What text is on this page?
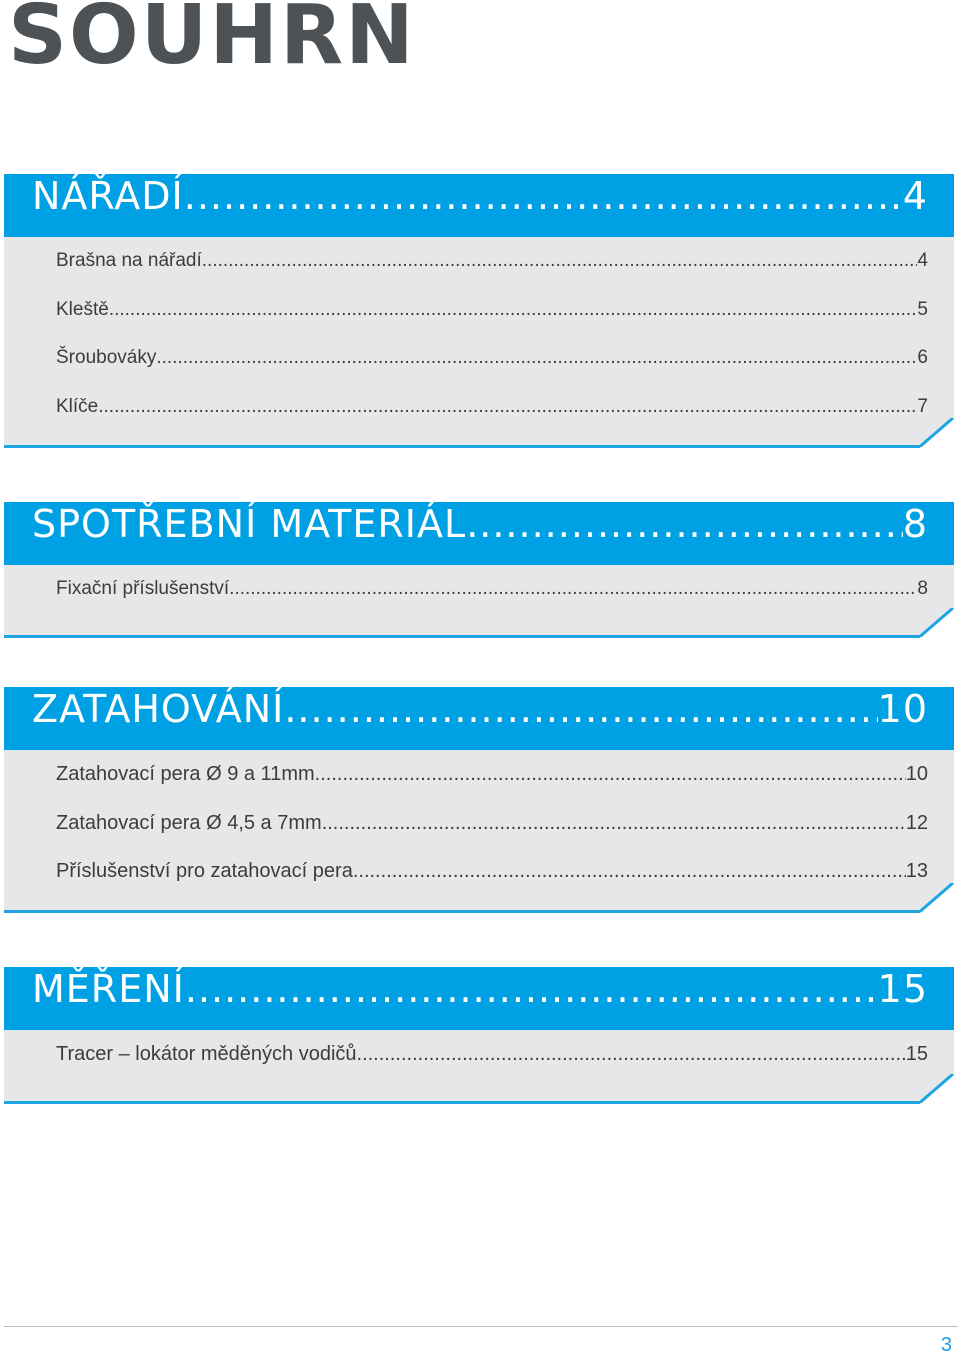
SOUHRN
NÁŘADÍ .....	4
Brašna na nářadí .....	4
Kleště .....	5
Šroubováky .....	6
Klíče .....	7
SPOTŘEBNÍ MATERIÁL .....	8
Fixační příslušenství .....	8
ZATAHOVÁNÍ .....	10
Zatahovací pera Ø 9 a 11mm .....	10
Zatahovací pera Ø 4,5 a 7mm .....	12
Příslušenství pro zatahovací pera .....	13
MĚŘENÍ .....	15
Tracer – lokátor měděných vodičů .....	15
3
